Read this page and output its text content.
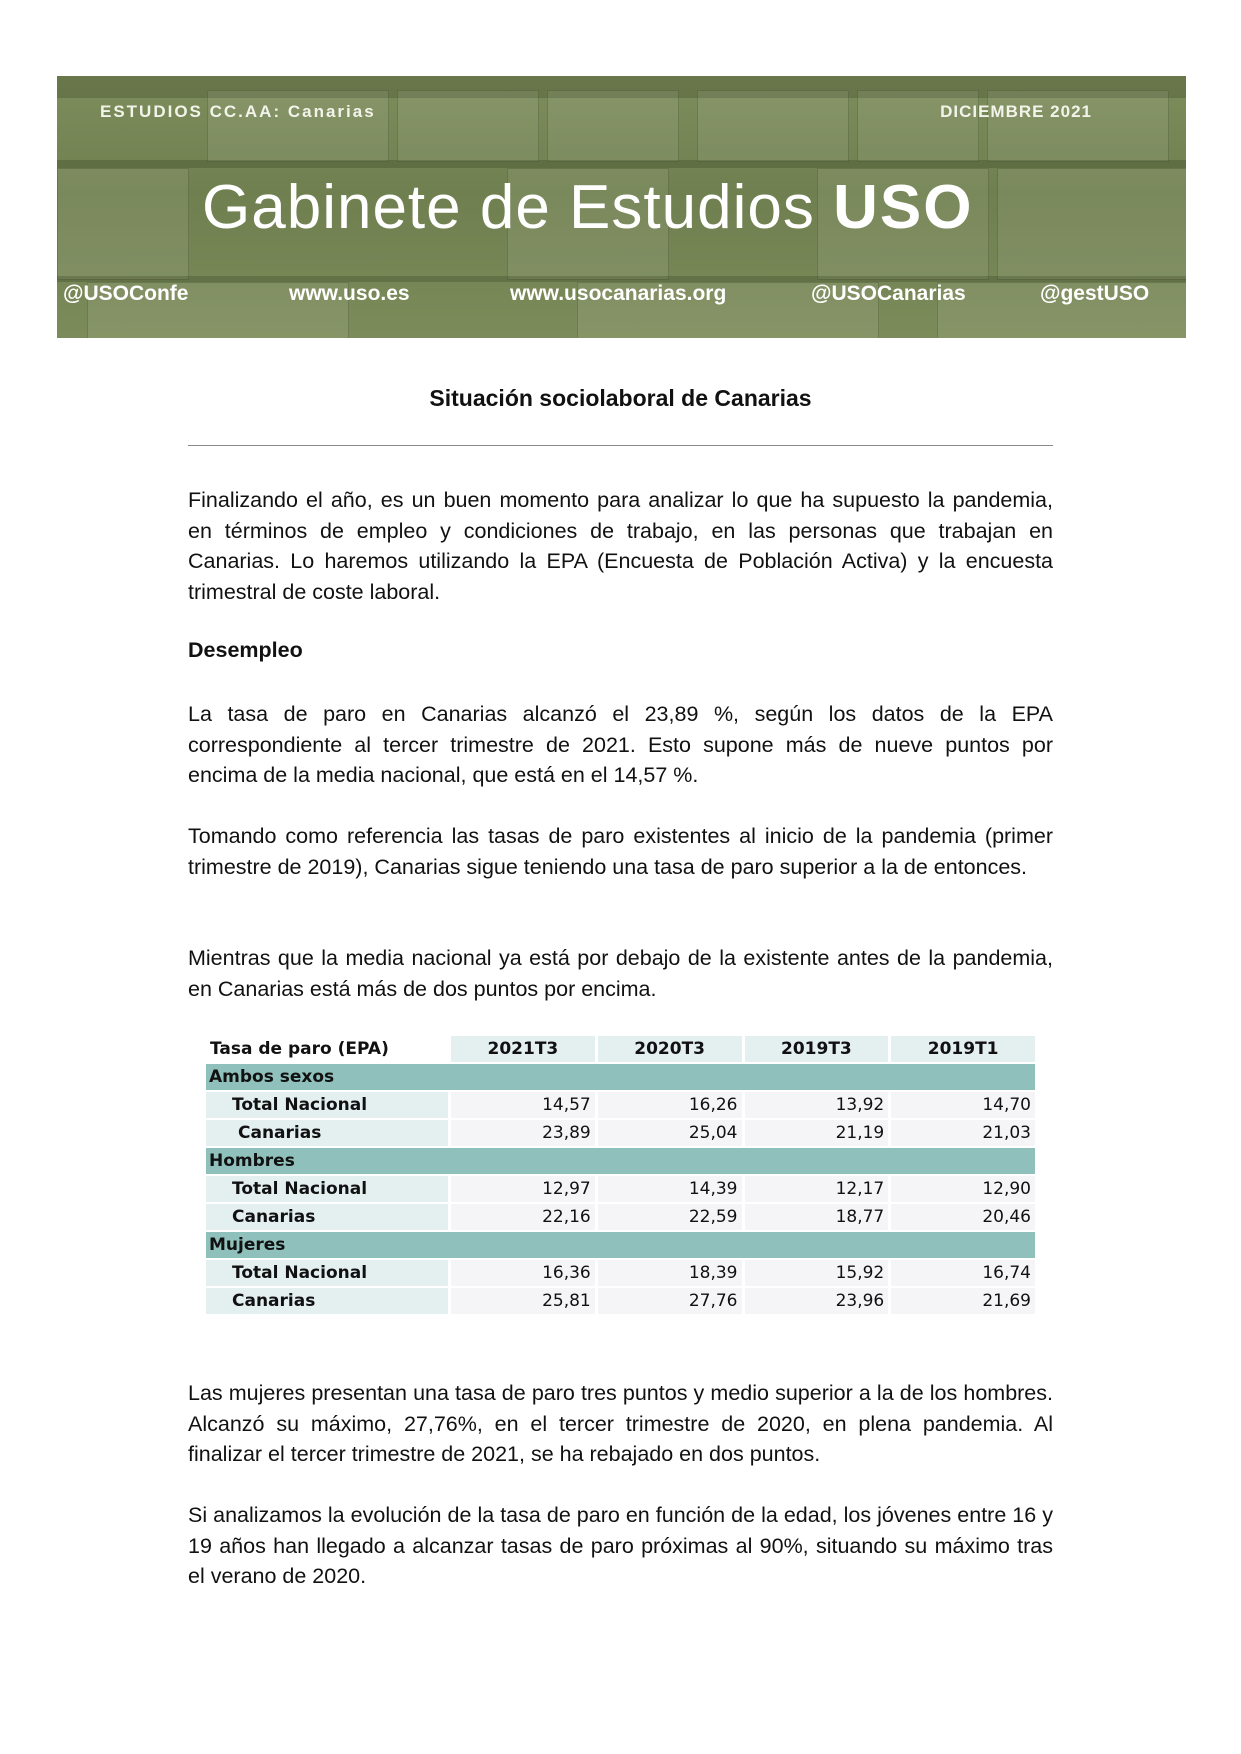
ESTUDIOS CC.AA: Canarias	DICIEMBRE 2021
Gabinete de Estudios USO
@USOConfe	www.uso.es	www.usocanarias.org	@USOCanarias	@gestUSO
Situación sociolaboral de Canarias

Finalizando el año, es un buen momento para analizar lo que ha supuesto la pandemia, en términos de empleo y condiciones de trabajo, en las personas que trabajan en Canarias. Lo haremos utilizando la EPA (Encuesta de Población Activa) y la encuesta trimestral de coste laboral.

Desempleo

La tasa de paro en Canarias alcanzó el 23,89 %, según los datos de la EPA correspondiente al tercer trimestre de 2021. Esto supone más de nueve puntos por encima de la media nacional, que está en el 14,57 %.

Tomando como referencia las tasas de paro existentes al inicio de la pandemia (primer trimestre de 2019), Canarias sigue teniendo una tasa de paro superior a la de entonces.

Mientras que la media nacional ya está por debajo de la existente antes de la pandemia, en Canarias está más de dos puntos por encima.

Tasa de paro (EPA)	2021T3	2020T3	2019T3	2019T1
Ambos sexos				
Total Nacional	14,57	16,26	13,92	14,70
Canarias	23,89	25,04	21,19	21,03
Hombres				
Total Nacional	12,97	14,39	12,17	12,90
Canarias	22,16	22,59	18,77	20,46
Mujeres				
Total Nacional	16,36	18,39	15,92	16,74
Canarias	25,81	27,76	23,96	21,69

Las mujeres presentan una tasa de paro tres puntos y medio superior a la de los hombres. Alcanzó su máximo, 27,76%, en el tercer trimestre de 2020, en plena pandemia. Al finalizar el tercer trimestre de 2021, se ha rebajado en dos puntos.

Si analizamos la evolución de la tasa de paro en función de la edad, los jóvenes entre 16 y 19 años han llegado a alcanzar tasas de paro próximas al 90%, situando su máximo tras el verano de 2020.
